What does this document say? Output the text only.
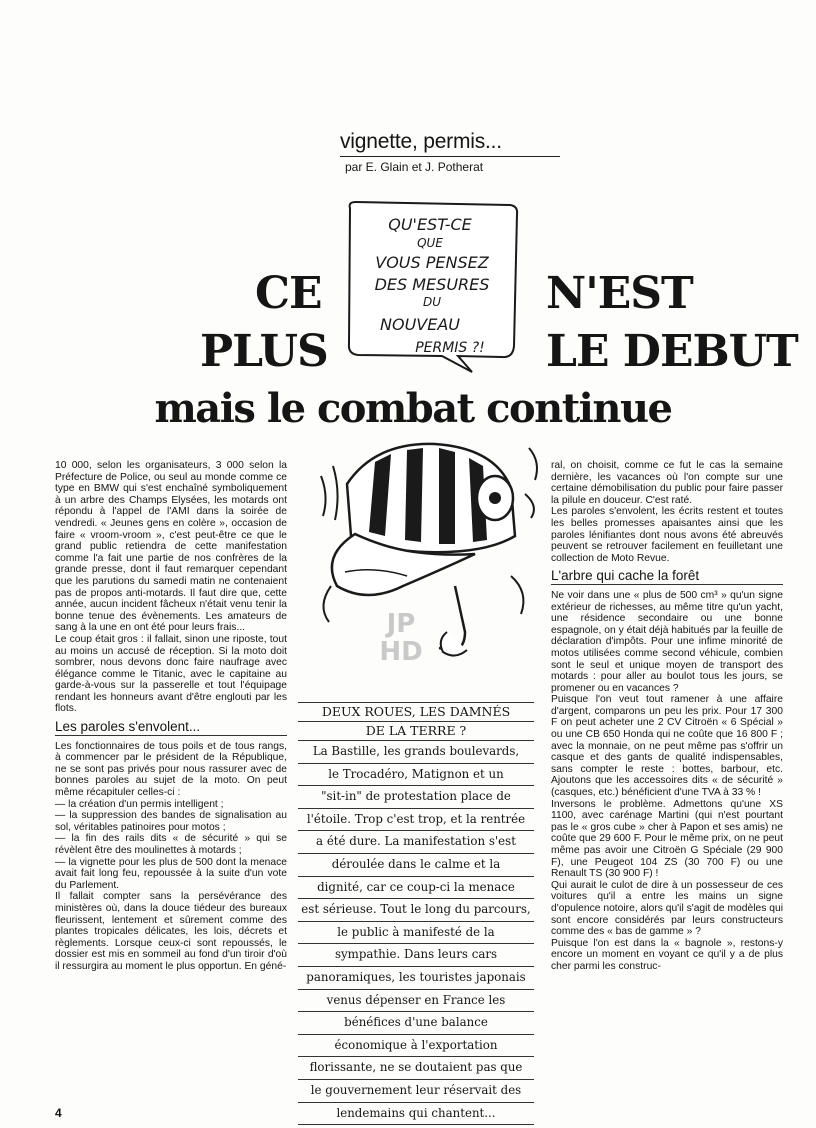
vignette, permis...
par E. Glain et J. Potherat
QU'EST-CE
QUE
VOUS PENSEZ
DES MESURES
DU
NOUVEAU
PERMIS ?!
CE
PLUS
N'EST
LE DEBUT
mais le combat continue
JP
HD

10 000, selon les organisateurs, 3 000 selon la Préfecture de Police, ou seul au monde comme ce type en BMW qui s'est enchaîné symboliquement à un arbre des Champs Elysées, les motards ont répondu à l'appel de l'AMI dans la soirée de vendredi. « Jeunes gens en colère », occasion de faire « vroom-vroom », c'est peut-être ce que le grand public retiendra de cette manifestation comme l'a fait une partie de nos confrères de la grande presse, dont il faut remarquer cependant que les parutions du samedi matin ne contenaient pas de propos anti-motards. Il faut dire que, cette année, aucun incident fâcheux n'était venu tenir la bonne tenue des évènements. Les amateurs de sang à la une en ont été pour leurs frais...

Le coup était gros : il fallait, sinon une riposte, tout au moins un accusé de réception. Si la moto doit sombrer, nous devons donc faire naufrage avec élégance comme le Titanic, avec le capitaine au garde-à-vous sur la passerelle et tout l'équipage rendant les honneurs avant d'être englouti par les flots.

Les paroles s'envolent...

Les fonctionnaires de tous poils et de tous rangs, à commencer par le président de la République, ne se sont pas privés pour nous rassurer avec de bonnes paroles au sujet de la moto. On peut même récapituler celles-ci :

— la création d'un permis intelligent ;

— la suppression des bandes de signalisation au sol, véritables patinoires pour motos ;

— la fin des rails dits « de sécurité » qui se révèlent être des moulinettes à motards ;

— la vignette pour les plus de 500 dont la menace avait fait long feu, repoussée à la suite d'un vote du Parlement.

Il fallait compter sans la persévérance des ministères où, dans la douce tiédeur des bureaux fleurissent, lentement et sûrement comme des plantes tropicales délicates, les lois, décrets et règlements. Lorsque ceux-ci sont repoussés, le dossier est mis en sommeil au fond d'un tiroir d'où il ressurgira au moment le plus opportun. En géné-

DEUX ROUES, LES DAMNÉS
DE LA TERRE ?
La Bastille, les grands boulevards,
le Trocadéro, Matignon et un
"sit-in" de protestation place de
l'étoile. Trop c'est trop, et la rentrée
a été dure. La manifestation s'est
déroulée dans le calme et la
dignité, car ce coup-ci la menace
est sérieuse. Tout le long du parcours,
le public à manifesté de la
sympathie. Dans leurs cars
panoramiques, les touristes japonais
venus dépenser en France les
bénéfices d'une balance
économique à l'exportation
florissante, ne se doutaient pas que
le gouvernement leur réservait des
lendemains qui chantent...

ral, on choisit, comme ce fut le cas la semaine dernière, les vacances où l'on compte sur une certaine démobilisation du public pour faire passer la pilule en douceur. C'est raté.

Les paroles s'envolent, les écrits restent et toutes les belles promesses apaisantes ainsi que les paroles lénifiantes dont nous avons été abreuvés peuvent se retrouver facilement en feuilletant une collection de Moto Revue.

L'arbre qui cache la forêt

Ne voir dans une « plus de 500 cm³ » qu'un signe extérieur de richesses, au même titre qu'un yacht, une résidence secondaire ou une bonne espagnole, on y était déjà habitués par la feuille de déclaration d'impôts. Pour une infime minorité de motos utilisées comme second véhicule, combien sont le seul et unique moyen de transport des motards : pour aller au boulot tous les jours, se promener ou en vacances ?

Puisque l'on veut tout ramener à une affaire d'argent, comparons un peu les prix. Pour 17 300 F on peut acheter une 2 CV Citroën « 6 Spécial » ou une CB 650 Honda qui ne coûte que 16 800 F ; avec la monnaie, on ne peut même pas s'offrir un casque et des gants de qualité indispensables, sans compter le reste : bottes, barbour, etc. Ajoutons que les accessoires dits « de sécurité » (casques, etc.) bénéficient d'une TVA à 33 % !

Inversons le problème. Admettons qu'une XS 1100, avec carénage Martini (qui n'est pourtant pas le « gros cube » cher à Papon et ses amis) ne coûte que 29 600 F. Pour le même prix, on ne peut même pas avoir une Citroën G Spéciale (29 900 F), une Peugeot 104 ZS (30 700 F) ou une Renault TS (30 900 F) !

Qui aurait le culot de dire à un possesseur de ces voitures qu'il a entre les mains un signe d'opulence notoire, alors qu'il s'agit de modèles qui sont encore considérés par leurs constructeurs comme des « bas de gamme » ?

Puisque l'on est dans la « bagnole », restons-y encore un moment en voyant ce qu'il y a de plus cher parmi les construc-

4
